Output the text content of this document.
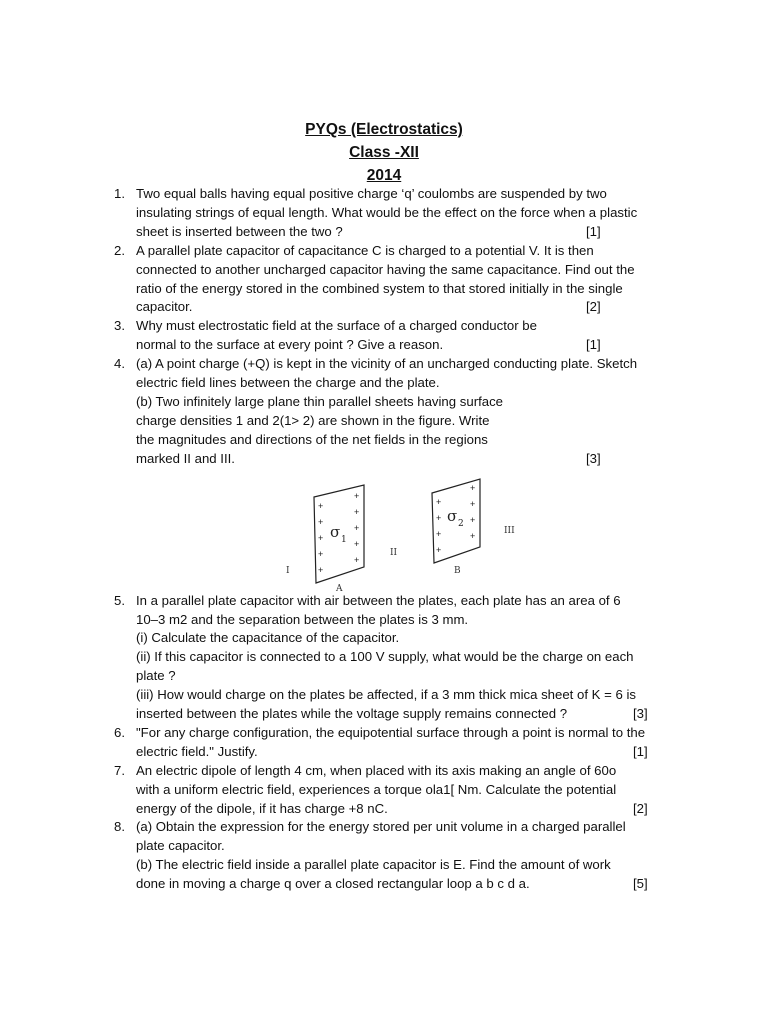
PYQs (Electrostatics)
Class -XII
2014
1. Two equal balls having equal positive charge ‘q’ coulombs are suspended by two
insulating strings of equal length. What would be the effect on the force when a plastic
sheet is inserted between the two ?	[1]
2. A parallel plate capacitor of capacitance C is charged to a potential V. It is then
connected to another uncharged capacitor having the same capacitance. Find out the
ratio of the energy stored in the combined system to that stored initially in the single
capacitor.	[2]
3. Why must electrostatic field at the surface of a charged conductor be
normal to the surface at every point ? Give a reason.	[1]
4. (a) A point charge (+Q) is kept in the vicinity of an uncharged conducting plate. Sketch
electric field lines between the charge and the plate.
(b) Two infinitely large plane thin parallel sheets having surface
charge densities 1 and 2(1> 2) are shown in the figure. Write
the magnitudes and directions of the net fields in the regions
marked II and III.	[3]
+
+
+
+
+
+
+
+
+
+
+
+
+
+
+
+
+
+
σ 1
σ 2
I
II
III
A
B
5. In a parallel plate capacitor with air between the plates, each plate has an area of 6
10–3 m2 and the separation between the plates is 3 mm.
(i) Calculate the capacitance of the capacitor.
(ii) If this capacitor is connected to a 100 V supply, what would be the charge on each
plate ?
(iii) How would charge on the plates be affected, if a 3 mm thick mica sheet of K = 6 is
inserted between the plates while the voltage supply remains connected ?	[3]
6. "For any charge configuration, the equipotential surface through a point is normal to the
electric field." Justify.	[1]
7. An electric dipole of length 4 cm, when placed with its axis making an angle of 60o
with a uniform electric field, experiences a torque ola1[ Nm. Calculate the potential
energy of the dipole, if it has charge +8 nC.	[2]
8. (a) Obtain the expression for the energy stored per unit volume in a charged parallel
plate capacitor.
(b) The electric field inside a parallel plate capacitor is E. Find the amount of work
done in moving a charge q over a closed rectangular loop a b c d a.	[5]
